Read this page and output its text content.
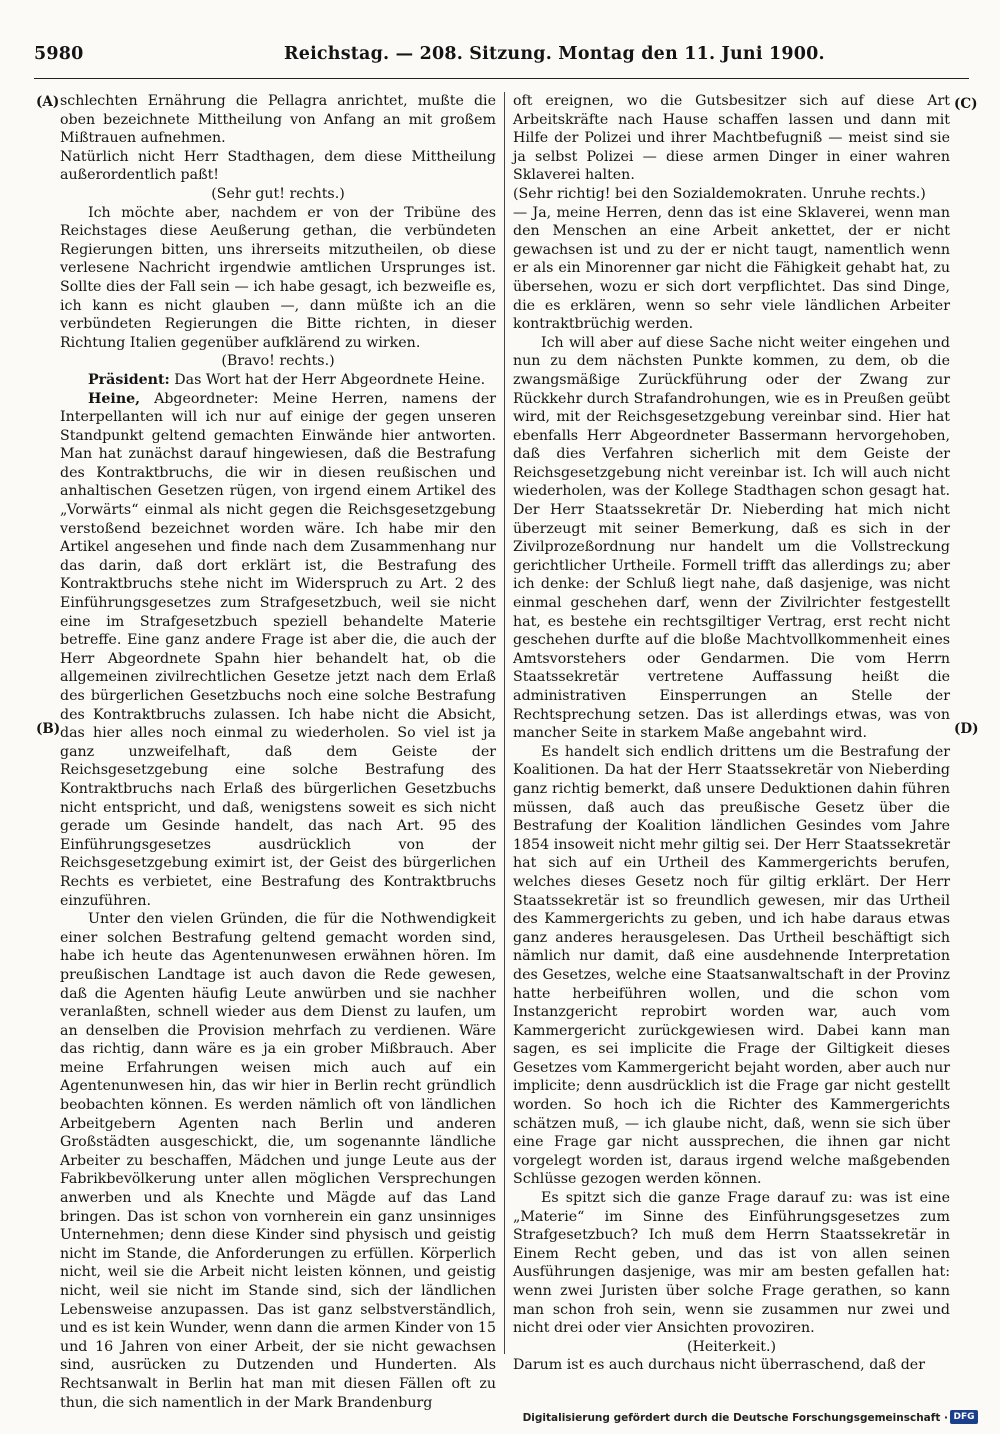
5980	Reichstag. — 208. Sitzung. Montag den 11. Juni 1900.
(A)
(B)
(C)
(D)

schlechten Ernährung die Pellagra anrichtet, mußte die oben bezeichnete Mittheilung von Anfang an mit großem Mißtrauen aufnehmen.

Natürlich nicht Herr Stadthagen, dem diese Mittheilung außerordentlich paßt!

(Sehr gut! rechts.)

Ich möchte aber, nachdem er von der Tribüne des Reichstages diese Aeußerung gethan, die verbündeten Regierungen bitten, uns ihrerseits mitzutheilen, ob diese verlesene Nachricht irgendwie amtlichen Ursprunges ist. Sollte dies der Fall sein — ich habe gesagt, ich bezweifle es, ich kann es nicht glauben —, dann müßte ich an die verbündeten Regierungen die Bitte richten, in dieser Richtung Italien gegenüber aufklärend zu wirken.

(Bravo! rechts.)

Präsident: Das Wort hat der Herr Abgeordnete Heine.

Heine, Abgeordneter: Meine Herren, namens der Interpellanten will ich nur auf einige der gegen unseren Standpunkt geltend gemachten Einwände hier antworten. Man hat zunächst darauf hingewiesen, daß die Bestrafung des Kontraktbruchs, die wir in diesen reußischen und anhaltischen Gesetzen rügen, von irgend einem Artikel des „Vorwärts“ einmal als nicht gegen die Reichsgesetzgebung verstoßend bezeichnet worden wäre. Ich habe mir den Artikel angesehen und finde nach dem Zusammenhang nur das darin, daß dort erklärt ist, die Bestrafung des Kontraktbruchs stehe nicht im Widerspruch zu Art. 2 des Einführungsgesetzes zum Strafgesetzbuch, weil sie nicht eine im Strafgesetzbuch speziell behandelte Materie betreffe. Eine ganz andere Frage ist aber die, die auch der Herr Abgeordnete Spahn hier behandelt hat, ob die allgemeinen zivilrechtlichen Gesetze jetzt nach dem Erlaß des bürgerlichen Gesetzbuchs noch eine solche Bestrafung des Kontraktbruchs zulassen. Ich habe nicht die Absicht, das hier alles noch einmal zu wiederholen. So viel ist ja ganz unzweifelhaft, daß dem Geiste der Reichsgesetzgebung eine solche Bestrafung des Kontraktbruchs nach Erlaß des bürgerlichen Gesetzbuchs nicht entspricht, und daß, wenigstens soweit es sich nicht gerade um Gesinde handelt, das nach Art. 95 des Einführungsgesetzes ausdrücklich von der Reichsgesetzgebung eximirt ist, der Geist des bürgerlichen Rechts es verbietet, eine Bestrafung des Kontraktbruchs einzuführen.

Unter den vielen Gründen, die für die Nothwendigkeit einer solchen Bestrafung geltend gemacht worden sind, habe ich heute das Agentenunwesen erwähnen hören. Im preußischen Landtage ist auch davon die Rede gewesen, daß die Agenten häufig Leute anwürben und sie nachher veranlaßten, schnell wieder aus dem Dienst zu laufen, um an denselben die Provision mehrfach zu verdienen. Wäre das richtig, dann wäre es ja ein grober Mißbrauch. Aber meine Erfahrungen weisen mich auch auf ein Agentenunwesen hin, das wir hier in Berlin recht gründlich beobachten können. Es werden nämlich oft von ländlichen Arbeitgebern Agenten nach Berlin und anderen Großstädten ausgeschickt, die, um sogenannte ländliche Arbeiter zu beschaffen, Mädchen und junge Leute aus der Fabrikbevölkerung unter allen möglichen Versprechungen anwerben und als Knechte und Mägde auf das Land bringen. Das ist schon von vornherein ein ganz unsinniges Unternehmen; denn diese Kinder sind physisch und geistig nicht im Stande, die Anforderungen zu erfüllen. Körperlich nicht, weil sie die Arbeit nicht leisten können, und geistig nicht, weil sie nicht im Stande sind, sich der ländlichen Lebensweise anzupassen. Das ist ganz selbstverständlich, und es ist kein Wunder, wenn dann die armen Kinder von 15 und 16 Jahren von einer Arbeit, der sie nicht gewachsen sind, ausrücken zu Dutzenden und Hunderten. Als Rechtsanwalt in Berlin hat man mit diesen Fällen oft zu thun, die sich namentlich in der Mark Brandenburg

oft ereignen, wo die Gutsbesitzer sich auf diese Art Arbeitskräfte nach Hause schaffen lassen und dann mit Hilfe der Polizei und ihrer Machtbefugniß — meist sind sie ja selbst Polizei — diese armen Dinger in einer wahren Sklaverei halten.

(Sehr richtig! bei den Sozialdemokraten. Unruhe rechts.)

— Ja, meine Herren, denn das ist eine Sklaverei, wenn man den Menschen an eine Arbeit ankettet, der er nicht gewachsen ist und zu der er nicht taugt, namentlich wenn er als ein Minorenner gar nicht die Fähigkeit gehabt hat, zu übersehen, wozu er sich dort verpflichtet. Das sind Dinge, die es erklären, wenn so sehr viele ländlichen Arbeiter kontraktbrüchig werden.

Ich will aber auf diese Sache nicht weiter eingehen und nun zu dem nächsten Punkte kommen, zu dem, ob die zwangsmäßige Zurückführung oder der Zwang zur Rückkehr durch Strafandrohungen, wie es in Preußen geübt wird, mit der Reichsgesetzgebung vereinbar sind. Hier hat ebenfalls Herr Abgeordneter Bassermann hervorgehoben, daß dies Verfahren sicherlich mit dem Geiste der Reichsgesetzgebung nicht vereinbar ist. Ich will auch nicht wiederholen, was der Kollege Stadthagen schon gesagt hat. Der Herr Staatssekretär Dr. Nieberding hat mich nicht überzeugt mit seiner Bemerkung, daß es sich in der Zivilprozeßordnung nur handelt um die Vollstreckung gerichtlicher Urtheile. Formell trifft das allerdings zu; aber ich denke: der Schluß liegt nahe, daß dasjenige, was nicht einmal geschehen darf, wenn der Zivilrichter festgestellt hat, es bestehe ein rechtsgiltiger Vertrag, erst recht nicht geschehen durfte auf die bloße Machtvollkommenheit eines Amtsvorstehers oder Gendarmen. Die vom Herrn Staatssekretär vertretene Auffassung heißt die administrativen Einsperrungen an Stelle der Rechtsprechung setzen. Das ist allerdings etwas, was von mancher Seite in starkem Maße angebahnt wird.

Es handelt sich endlich drittens um die Bestrafung der Koalitionen. Da hat der Herr Staatssekretär von Nieberding ganz richtig bemerkt, daß unsere Deduktionen dahin führen müssen, daß auch das preußische Gesetz über die Bestrafung der Koalition ländlichen Gesindes vom Jahre 1854 insoweit nicht mehr giltig sei. Der Herr Staatssekretär hat sich auf ein Urtheil des Kammergerichts berufen, welches dieses Gesetz noch für giltig erklärt. Der Herr Staatssekretär ist so freundlich gewesen, mir das Urtheil des Kammergerichts zu geben, und ich habe daraus etwas ganz anderes herausgelesen. Das Urtheil beschäftigt sich nämlich nur damit, daß eine ausdehnende Interpretation des Gesetzes, welche eine Staatsanwaltschaft in der Provinz hatte herbeiführen wollen, und die schon vom Instanzgericht reprobirt worden war, auch vom Kammergericht zurückgewiesen wird. Dabei kann man sagen, es sei implicite die Frage der Giltigkeit dieses Gesetzes vom Kammergericht bejaht worden, aber auch nur implicite; denn ausdrücklich ist die Frage gar nicht gestellt worden. So hoch ich die Richter des Kammergerichts schätzen muß, — ich glaube nicht, daß, wenn sie sich über eine Frage gar nicht aussprechen, die ihnen gar nicht vorgelegt worden ist, daraus irgend welche maßgebenden Schlüsse gezogen werden können.

Es spitzt sich die ganze Frage darauf zu: was ist eine „Materie“ im Sinne des Einführungsgesetzes zum Strafgesetzbuch? Ich muß dem Herrn Staatssekretär in Einem Recht geben, und das ist von allen seinen Ausführungen dasjenige, was mir am besten gefallen hat: wenn zwei Juristen über solche Frage gerathen, so kann man schon froh sein, wenn sie zusammen nur zwei und nicht drei oder vier Ansichten provoziren.

(Heiterkeit.)

Darum ist es auch durchaus nicht überraschend, daß der

Digitalisierung gefördert durch die Deutsche Forschungsgemeinschaft · DFG
